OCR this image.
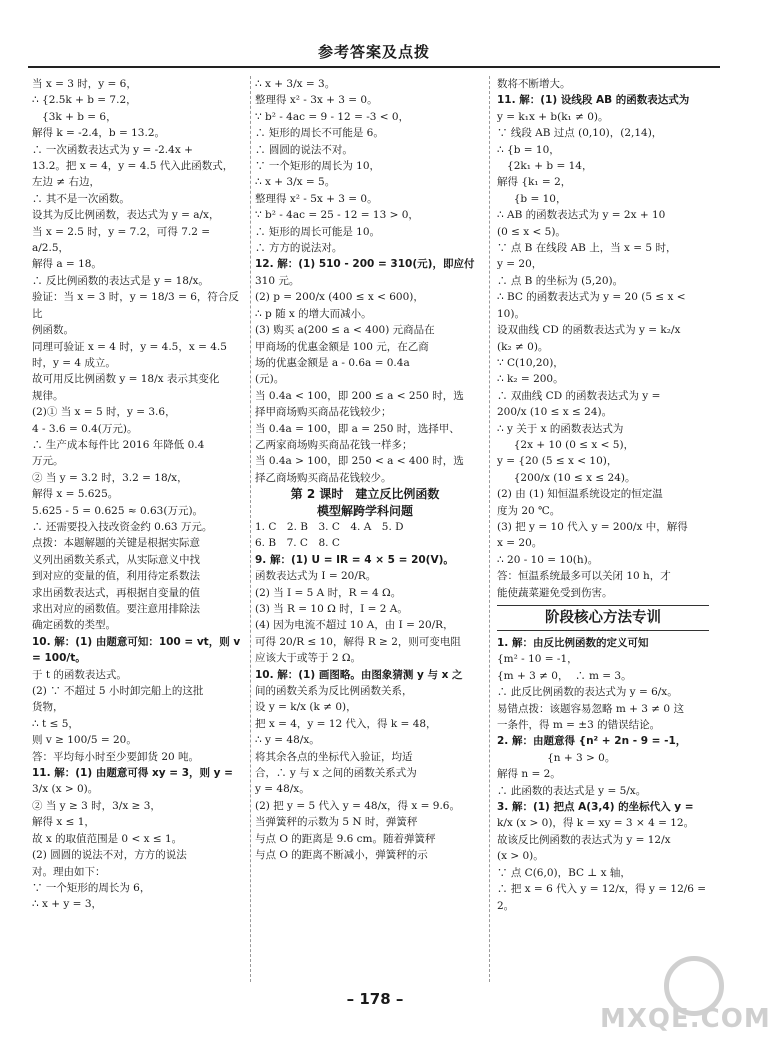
参考答案及点拨
当 x = 3 时，y = 6，
∴ {2.5k + b = 7.2，
{3k + b = 6，
解得 k = -2.4，b = 13.2。
∴ 一次函数表达式为 y = -2.4x +
13.2。把 x = 4，y = 4.5 代入此函数式，
左边 ≠ 右边，
∴ 其不是一次函数。
设其为反比例函数，表达式为 y = a/x，
当 x = 2.5 时，y = 7.2，可得 7.2 =
a/2.5，
解得 a = 18。
∴ 反比例函数的表达式是 y = 18/x。
验证：当 x = 3 时，y = 18/3 = 6，符合反比
例函数。
同理可验证 x = 4 时，y = 4.5，x = 4.5
时，y = 4 成立。
故可用反比例函数 y = 18/x 表示其变化
规律。
(2)① 当 x = 5 时，y = 3.6，
4 - 3.6 = 0.4(万元)。
∴ 生产成本每件比 2016 年降低 0.4
万元。
② 当 y = 3.2 时，3.2 = 18/x，
解得 x = 5.625。
5.625 - 5 = 0.625 ≈ 0.63(万元)。
∴ 还需要投入技改资金约 0.63 万元。
点拨：本题解题的关键是根据实际意
义列出函数关系式，从实际意义中找
到对应的变量的值，利用待定系数法
求出函数表达式，再根据自变量的值
求出对应的函数值。要注意用排除法
确定函数的类型。
10. 解：(1) 由题意可知：100 = vt，则 v = 100/t。
于 t 的函数表达式。
(2) ∵ 不超过 5 小时卸完船上的这批
货物，
∴ t ≤ 5，
则 v ≥ 100/5 = 20。
答：平均每小时至少要卸货 20 吨。
11. 解：(1) 由题意可得 xy = 3，则 y =
3/x (x > 0)。
② 当 y ≥ 3 时，3/x ≥ 3，
解得 x ≤ 1，
故 x 的取值范围是 0 < x ≤ 1。
(2) 圆圆的说法不对，方方的说法
对。理由如下：
∵ 一个矩形的周长为 6，
∴ x + y = 3，
∴ x + 3/x = 3。
整理得 x² - 3x + 3 = 0。
∵ b² - 4ac = 9 - 12 = -3 < 0，
∴ 矩形的周长不可能是 6。
∴ 圆圆的说法不对。
∵ 一个矩形的周长为 10，
∴ x + 3/x = 5。
整理得 x² - 5x + 3 = 0。
∵ b² - 4ac = 25 - 12 = 13 > 0，
∴ 矩形的周长可能是 10。
∴ 方方的说法对。
12. 解：(1) 510 - 200 = 310(元)，即应付
310 元。
(2) p = 200/x (400 ≤ x < 600)，
∴ p 随 x 的增大而减小。
(3) 购买 a(200 ≤ a < 400) 元商品在
甲商场的优惠金额是 100 元，在乙商
场的优惠金额是 a - 0.6a = 0.4a
(元)。
当 0.4a < 100，即 200 ≤ a < 250 时，选
择甲商场购买商品花钱较少；
当 0.4a = 100，即 a = 250 时，选择甲、
乙两家商场购买商品花钱一样多；
当 0.4a > 100，即 250 < a < 400 时，选
择乙商场购买商品花钱较少。
第 2 课时　建立反比例函数
模型解跨学科问题
1. C　2. B　3. C　4. A　5. D
6. B　7. C　8. C
9. 解：(1) U = IR = 4 × 5 = 20(V)。
函数表达式为 I = 20/R。
(2) 当 I = 5 A 时，R = 4 Ω。
(3) 当 R = 10 Ω 时，I = 2 A。
(4) 因为电流不超过 10 A，由 I = 20/R，
可得 20/R ≤ 10，解得 R ≥ 2，则可变电阻
应该大于或等于 2 Ω。
10. 解：(1) 画图略。由图象猜测 y 与 x 之
间的函数关系为反比例函数关系，
设 y = k/x (k ≠ 0)，
把 x = 4，y = 12 代入，得 k = 48，
∴ y = 48/x。
将其余各点的坐标代入验证，均适
合，∴ y 与 x 之间的函数关系式为
y = 48/x。
(2) 把 y = 5 代入 y = 48/x，得 x = 9.6。
当弹簧秤的示数为 5 N 时，弹簧秤
与点 O 的距离是 9.6 cm。随着弹簧秤
与点 O 的距离不断减小，弹簧秤的示
数将不断增大。
11. 解：(1) 设线段 AB 的函数表达式为
y = k₁x + b(k₁ ≠ 0)。
∵ 线段 AB 过点 (0,10)，(2,14)，
∴ {b = 10，
{2k₁ + b = 14，
解得 {k₁ = 2，
{b = 10，
∴ AB 的函数表达式为 y = 2x + 10
(0 ≤ x < 5)。
∵ 点 B 在线段 AB 上，当 x = 5 时，
y = 20，
∴ 点 B 的坐标为 (5,20)。
∴ BC 的函数表达式为 y = 20 (5 ≤ x <
10)。
设双曲线 CD 的函数表达式为 y = k₂/x
(k₂ ≠ 0)。
∵ C(10,20)，
∴ k₂ = 200。
∴ 双曲线 CD 的函数表达式为 y =
200/x (10 ≤ x ≤ 24)。
∴ y 关于 x 的函数表达式为
{2x + 10 (0 ≤ x < 5)，
y = {20 (5 ≤ x < 10)，
{200/x (10 ≤ x ≤ 24)。
(2) 由 (1) 知恒温系统设定的恒定温
度为 20 ℃。
(3) 把 y = 10 代入 y = 200/x 中，解得
x = 20。
∴ 20 - 10 = 10(h)。
答：恒温系统最多可以关闭 10 h，才
能使蔬菜避免受到伤害。
阶段核心方法专训
1. 解：由反比例函数的定义可知
{m² - 10 = -1，
{m + 3 ≠ 0，  ∴ m = 3。
∴ 此反比例函数的表达式为 y = 6/x。
易错点拨：该题容易忽略 m + 3 ≠ 0 这
一条件，得 m = ±3 的错误结论。
2. 解：由题意得 {n² + 2n - 9 = -1，
{n + 3 > 0。
解得 n = 2。
∴ 此函数的表达式是 y = 5/x。
3. 解：(1) 把点 A(3,4) 的坐标代入 y =
k/x (x > 0)，得 k = xy = 3 × 4 = 12。
故该反比例函数的表达式为 y = 12/x
(x > 0)。
∵ 点 C(6,0)，BC ⊥ x 轴，
∴ 把 x = 6 代入 y = 12/x，得 y = 12/6 = 2。
– 178 –
MXQE.COM
